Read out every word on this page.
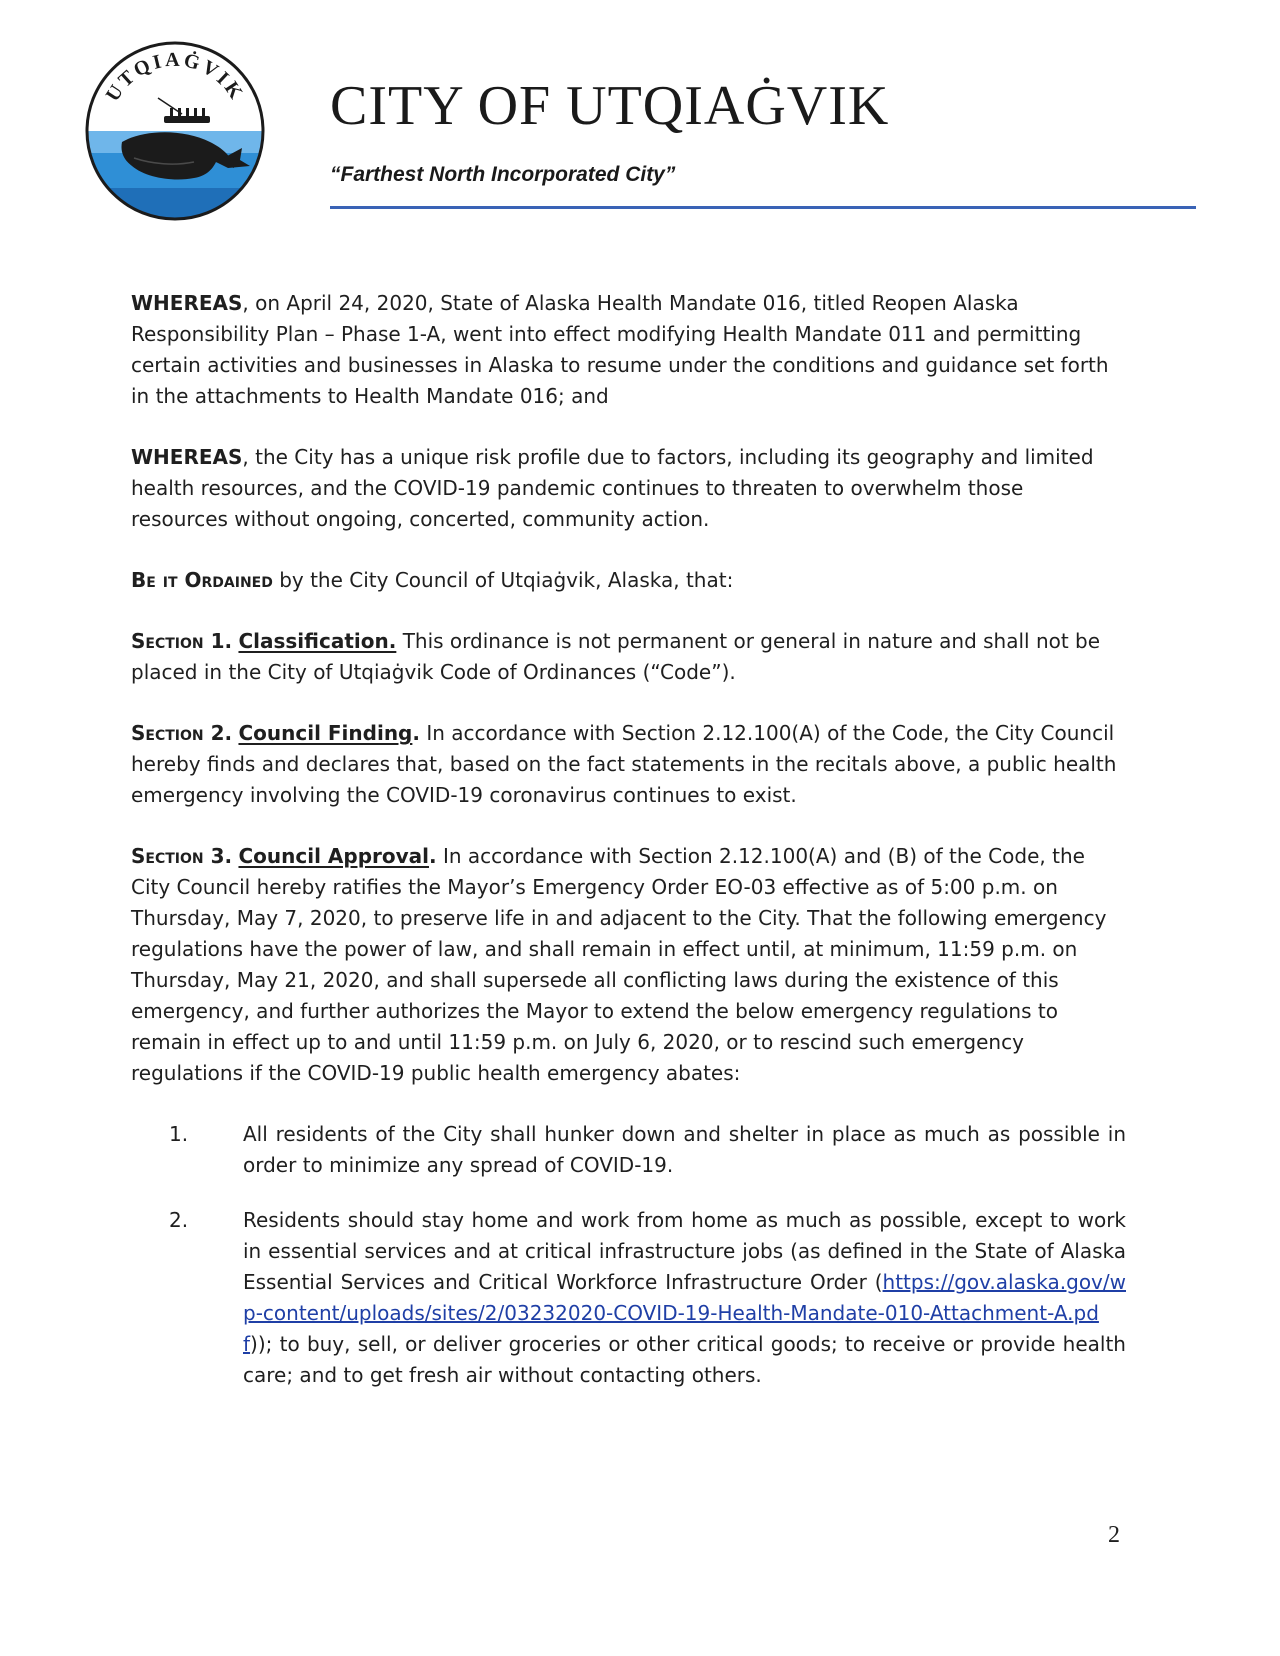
UTQIAĠVIK CITY OF UTQIAĠVIK
“Farthest North Incorporated City”

WHEREAS, on April 24, 2020, State of Alaska Health Mandate 016, titled Reopen Alaska Responsibility Plan – Phase 1-A, went into effect modifying Health Mandate 011 and permitting certain activities and businesses in Alaska to resume under the conditions and guidance set forth in the attachments to Health Mandate 016; and

WHEREAS, the City has a unique risk profile due to factors, including its geography and limited health resources, and the COVID-19 pandemic continues to threaten to overwhelm those resources without ongoing, concerted, community action.

Be it Ordained by the City Council of Utqiaġvik, Alaska, that:

Section 1. Classification. This ordinance is not permanent or general in nature and shall not be placed in the City of Utqiaġvik Code of Ordinances (“Code”).

Section 2. Council Finding. In accordance with Section 2.12.100(A) of the Code, the City Council hereby finds and declares that, based on the fact statements in the recitals above, a public health emergency involving the COVID-19 coronavirus continues to exist.

Section 3. Council Approval. In accordance with Section 2.12.100(A) and (B) of the Code, the City Council hereby ratifies the Mayor’s Emergency Order EO-03 effective as of 5:00 p.m. on Thursday, May 7, 2020, to preserve life in and adjacent to the City. That the following emergency regulations have the power of law, and shall remain in effect until, at minimum, 11:59 p.m. on Thursday, May 21, 2020, and shall supersede all conflicting laws during the existence of this emergency, and further authorizes the Mayor to extend the below emergency regulations to remain in effect up to and until 11:59 p.m. on July 6, 2020, or to rescind such emergency regulations if the COVID-19 public health emergency abates:

1.	All residents of the City shall hunker down and shelter in place as much as possible in order to minimize any spread of COVID-19.
2.	Residents should stay home and work from home as much as possible, except to work in essential services and at critical infrastructure jobs (as defined in the State of Alaska Essential Services and Critical Workforce Infrastructure Order (https://gov.alaska.gov/wp-content/uploads/sites/2/03232020-COVID-19-Health-Mandate-010-Attachment-A.pdf)); to buy, sell, or deliver groceries or other critical goods; to receive or provide health care; and to get fresh air without contacting others.
2
